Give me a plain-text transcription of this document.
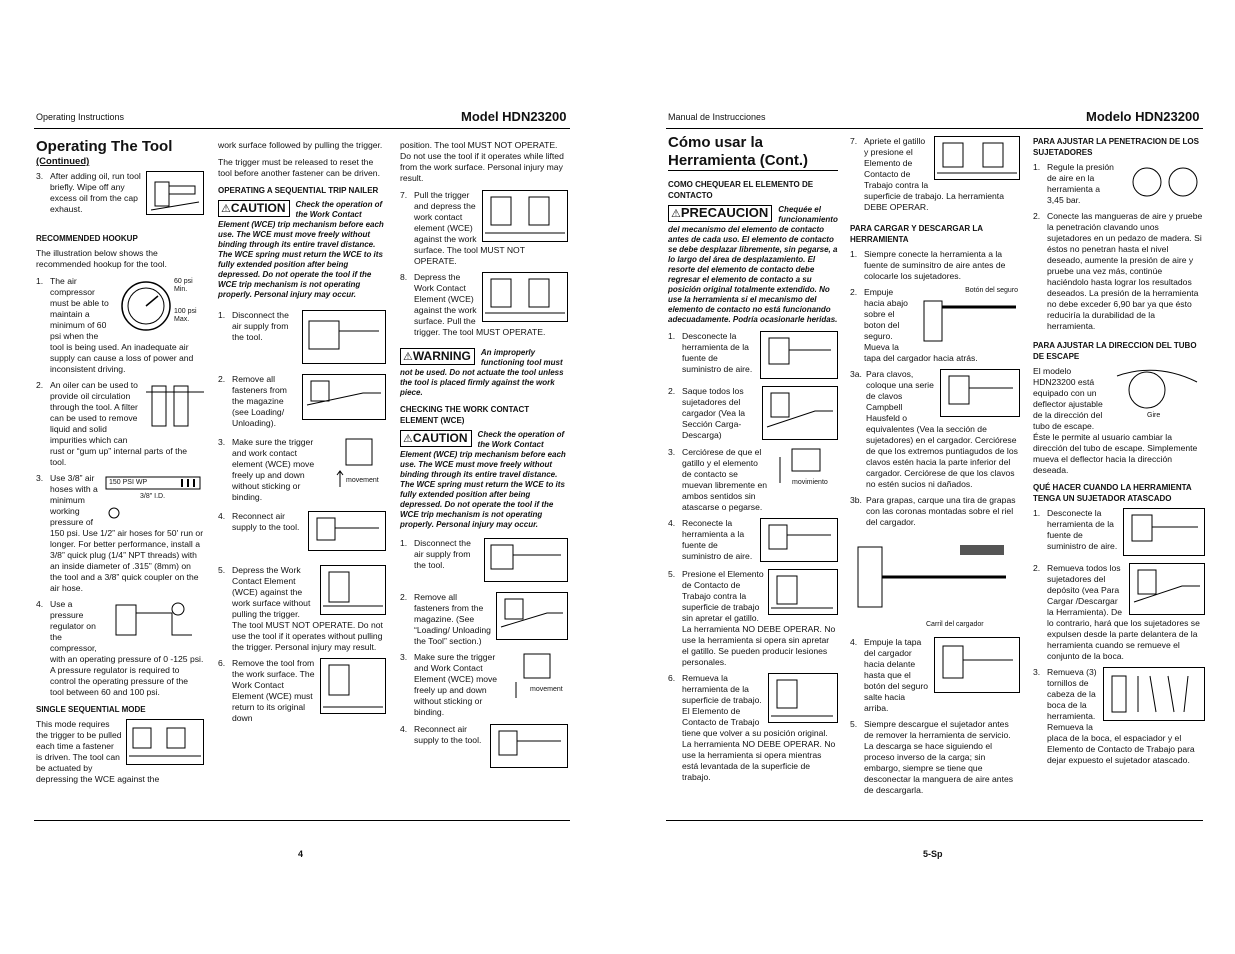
Operating Instructions	Model HDN23200
4
Operating The Tool
(Continued)
3. After adding oil, run tool briefly. Wipe off any excess oil from the cap exhaust.
RECOMMENDED HOOKUP

The illustration below shows the recommended hookup for the tool.

1.	60 psi Min.
100 psi Max.
The air compressor must be able to maintain a minimum of 60 psi when the tool is being used. An inadequate air supply can cause a loss of power and inconsistent driving.
2. An oiler can be used to provide oil circulation through the tool. A filter can be used to remove liquid and solid impurities which can rust or “gum up” internal parts of the tool.
3.	150 PSI WP
3/8" I.D.
Use 3/8” air hoses with a minimum working pressure of 150 psi. Use 1/2” air hoses for 50' run or longer. For better performance, install a 3/8” quick plug (1/4” NPT threads) with an inside diameter of .315” (8mm) on the tool and a 3/8” quick coupler on the air hose.
4. Use a pressure regulator on the compressor, with an operating pressure of 0 -125 psi. A pressure regulator is required to control the operating pressure of the tool between 60 and 100 psi.
SINGLE SEQUENTIAL MODE

This mode requires the trigger to be pulled each time a fastener is driven. The tool can be actuated by depressing the WCE against the

work surface followed by pulling the trigger.

The trigger must be released to reset the tool before another fastener can be driven.

OPERATING A SEQUENTIAL TRIP NAILER
⚠CAUTION	Check the operation of the Work Contact Element (WCE) trip mechanism before each use. The WCE must move freely without binding through its entire travel distance. The WCE spring must return the WCE to its fully extended position after being depressed. Do not operate the tool if the WCE trip mechanism is not operating properly. Personal injury may occur.
1. Disconnect the air supply from the tool.
2. Remove all fasteners from the magazine (see Loading/ Unloading).
3.
movement
Make sure the trigger and work contact element (WCE) move freely up and down without sticking or binding.
4. Reconnect air supply to the tool.
5. Depress the Work Contact Element (WCE) against the work surface without pulling the trigger. The tool MUST NOT OPERATE. Do not use the tool if it operates without pulling the trigger. Personal injury may result.
6. Remove the tool from the work surface. The Work Contact Element (WCE) must return to its original down

position. The tool MUST NOT OPERATE. Do not use the tool if it operates while lifted from the work surface. Personal injury may result.

7. Pull the trigger and depress the work contact element (WCE) against the work surface. The tool MUST NOT OPERATE.
8. Depress the Work Contact Element (WCE) against the work surface. Pull the trigger. The tool MUST OPERATE.
⚠WARNING	An improperly functioning tool must not be used. Do not actuate the tool unless the tool is placed firmly against the work piece.
CHECKING THE WORK CONTACT ELEMENT (WCE)
⚠CAUTION	Check the operation of the Work Contact Element (WCE) trip mechanism before each use. The WCE must move freely without binding through its entire travel distance. The WCE spring must return the WCE to its fully extended position after being depressed. Do not operate the tool if the WCE trip mechanism is not operating properly. Personal injury may occur.
1. Disconnect the air supply from the tool.
2. Remove all fasteners from the magazine. (See “Loading/ Unloading the Tool” section.)
3.
movement
Make sure the trigger and Work Contact Element (WCE) move freely up and down without sticking or binding.
4. Reconnect air supply to the tool.
Manual de Instrucciones	Modelo HDN23200
5-Sp
Cómo usar la
Herramienta (Cont.)
COMO CHEQUEAR EL ELEMENTO DE CONTACTO
⚠PRECAUCION	Chequée el funcionamiento del mecanismo del elemento de contacto antes de cada uso. El elemento de contacto se debe desplazar libremente, sin pegarse, a lo largo del área de desplazamiento. El resorte del elemento de contacto debe regresar el elemento de contacto a su posición original totalmente extendido. No use la herramienta si el mecanismo del elemento de contacto no está funcionando adecuadamente. Podría ocasionarle heridas.
1. Desconecte la herramienta de la fuente de suministro de aire.
2. Saque todos los sujetadores del cargador (Vea la Sección Carga-Descarga)
3.
movimiento
Cerciórese de que el gatillo y el elemento de contacto se muevan libremente en ambos sentidos sin atascarse o pegarse.
4. Reconecte la herramienta a la fuente de suministro de aire.
5. Presione el Elemento de Contacto de Trabajo contra la superficie de trabajo sin apretar el gatillo. La herramienta NO DEBE OPERAR. No use la herramienta si opera sin apretar el gatillo. Se pueden producir lesiones personales.
6. Remueva la herramienta de la superficie de trabajo. El Elemento de Contacto de Trabajo tiene que volver a su posición original. La herramienta NO DEBE OPERAR. No use la herramienta si opera mientras está levantada de la superficie de trabajo.
7. Apriete el gatillo y presione el Elemento de Contacto de Trabajo contra la superficie de trabajo. La herramienta DEBE OPERAR.
PARA CARGAR Y DESCARGAR LA HERRAMIENTA
1. Siempre conecte la herramienta a la fuente de suminsitro de aire antes de colocarle los sujetadores.
2.	Botón del seguro
Empuje hacia abajo sobre el boton del seguro. Mueva la tapa del cargador hacia atrás.
3a. Para clavos, coloque una serie de clavos Campbell Hausfeld o equivalentes (Vea la sección de sujetadores) en el cargador. Cerciórese de que los extremos puntiagudos de los clavos estén hacia la parte inferior del cargador. Cerciórese de que los clavos no estén sucios ni dañados.
3b. Para grapas, carque una tira de grapas con las coronas montadas sobre el riel del cargador.
Carril del cargador
4. Empuje la tapa del cargador hacia delante hasta que el botón del seguro salte hacia arriba.
5. Siempre descargue el sujetador antes de remover la herramienta de servicio. La descarga se hace siguiendo el proceso inverso de la carga; sin embargo, siempre se tiene que desconectar la manguera de aire antes de descargarla.
PARA AJUSTAR LA PENETRACION DE LOS SUJETADORES
1. Regule la presión de aire en la herramienta a 3,45 bar.
2. Conecte las mangueras de aire y pruebe la penetración clavando unos sujetadores en un pedazo de madera. Si éstos no penetran hasta el nivel deseado, aumente la presión de aire y pruebe una vez más, continúe haciéndolo hasta lograr los resultados deseados. La presión de la herramienta no debe exceder 6,90 bar ya que ésto reduciría la durabilidad de la herramienta.
PARA AJUSTAR LA DIRECCION DEL TUBO DE ESCAPE
Gire

El modelo HDN23200 está equipado con un deflector ajustable de la dirección del tubo de escape. Éste le permite al usuario cambiar la dirección del tubo de escape. Simplemente mueva el deflector hacia la dirección deseada.

QUÉ HACER CUANDO LA HERRAMIENTA TENGA UN SUJETADOR ATASCADO
1. Desconecte la herramienta de la fuente de suministro de aire.
2. Remueva todos los sujetadores del depósito (vea Para Cargar /Descargar la Herramienta). De lo contrario, hará que los sujetadores se expulsen desde la parte delantera de la herramienta cuando se remueve el conjunto de la boca.
3. Remueva (3) tornillos de cabeza de la boca de la herramienta. Remueva la placa de la boca, el espaciador y el Elemento de Contacto de Trabajo para dejar expuesto el sujetador atascado.
